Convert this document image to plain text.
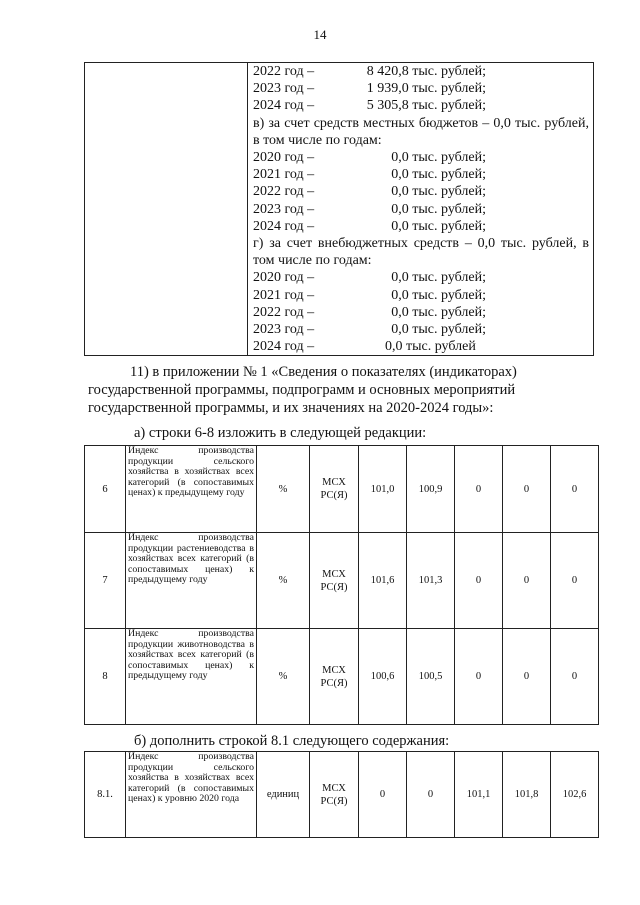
14

2022 год –	8 420,8 тыс. рублей;
2023 год –	1 939,0 тыс. рублей;
2024 год –	5 305,8 тыс. рублей;
в) за счет средств местных бюджетов – 0,0 тыс. рублей, в том числе по годам:
2020 год –	0,0 тыс. рублей;
2021 год –	0,0 тыс. рублей;
2022 год –	0,0 тыс. рублей;
2023 год –	0,0 тыс. рублей;
2024 год –	0,0 тыс. рублей;
г) за счет внебюджетных средств – 0,0 тыс. рублей, в том числе по годам:
2020 год –	0,0 тыс. рублей;
2021 год –	0,0 тыс. рублей;
2022 год –	0,0 тыс. рублей;
2023 год –	0,0 тыс. рублей;
2024 год –	0,0 тыс. рублей
11) в приложении № 1 «Сведения о показателях (индикаторах)
государственной программы, подпрограмм и основных мероприятий
государственной программы, и их значениях на 2020-2024 годы»:
а) строки 6-8 изложить в следующей редакции:
6	Индекс производства продукции сельского хозяйства в хозяйствах всех категорий (в сопоставимых ценах) к предыдущему году	%	МСХ РС(Я)	101,0	100,9	0	0	0
7	Индекс производства продукции растениеводства в хозяйствах всех категорий (в сопоставимых ценах) к предыдущему году	%	МСХ РС(Я)	101,6	101,3	0	0	0
8	Индекс производства продукции животноводства в хозяйствах всех категорий (в сопоставимых ценах) к предыдущему году	%	МСХ РС(Я)	100,6	100,5	0	0	0
б) дополнить строкой 8.1 следующего содержания:
8.1.	Индекс производства продукции сельского хозяйства в хозяйствах всех категорий (в сопоставимых ценах) к уровню 2020 года	единиц	МСХ РС(Я)	0	0	101,1	101,8	102,6
